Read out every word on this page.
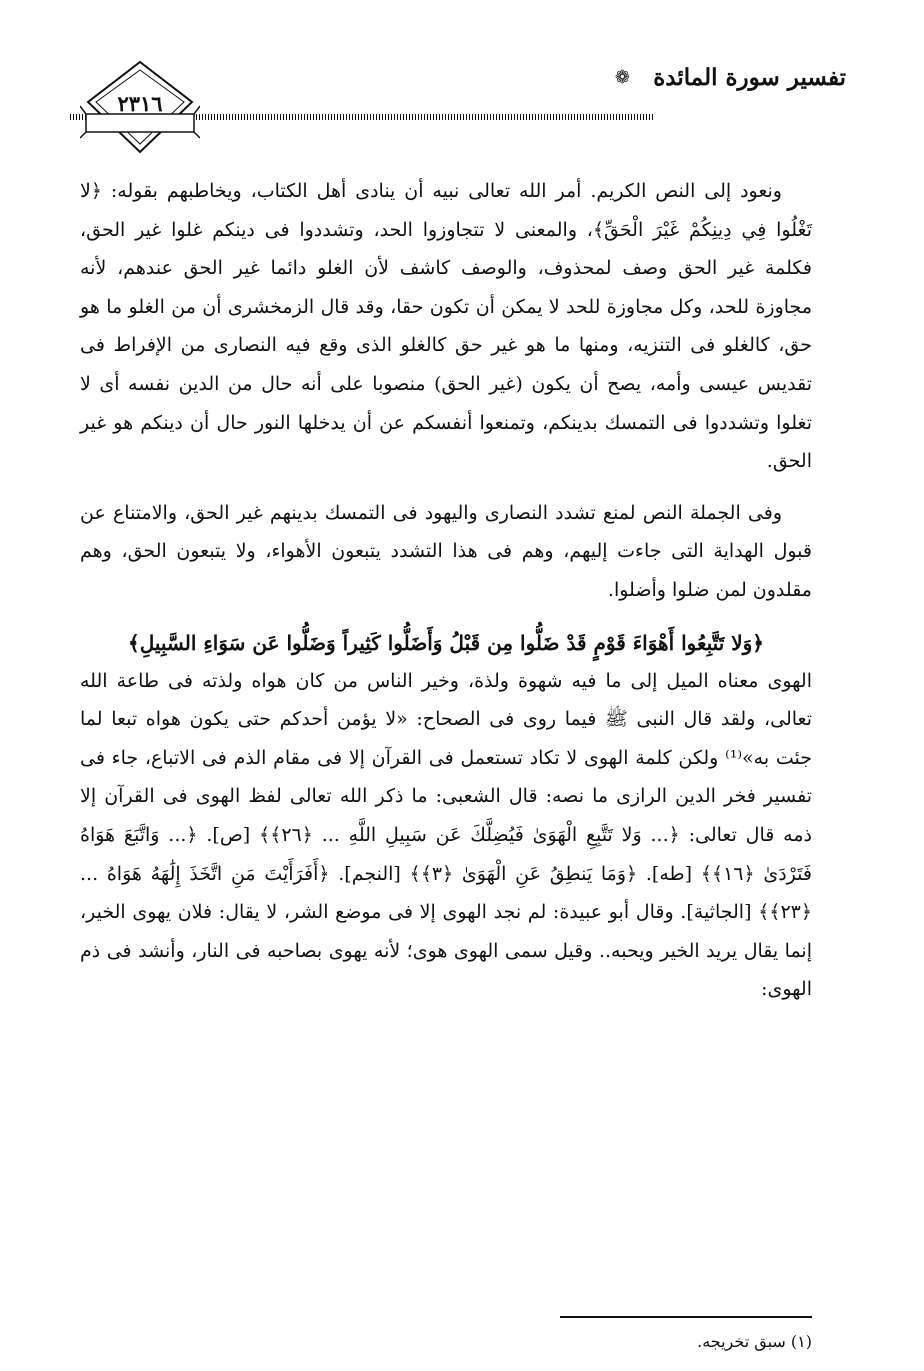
تفسير سورة المائدة
❁
٢٣١٦

ونعود إلى النص الكريم. أمر الله تعالى نبيه أن ينادى أهل الكتاب، ويخاطبهم بقوله: ﴿لا تَغْلُوا فِي دِينِكُمْ غَيْرَ الْحَقِّ﴾، والمعنى لا تتجاوزوا الحد، وتشددوا فى دينكم غلوا غير الحق، فكلمة غير الحق وصف لمحذوف، والوصف كاشف لأن الغلو دائما غير الحق عندهم، لأنه مجاوزة للحد، وكل مجاوزة للحد لا يمكن أن تكون حقا، وقد قال الزمخشرى أن من الغلو ما هو حق، كالغلو فى التنزيه، ومنها ما هو غير حق كالغلو الذى وقع فيه النصارى من الإفراط فى تقديس عيسى وأمه، يصح أن يكون (غير الحق) منصوبا على أنه حال من الدين نفسه أى لا تغلوا وتشددوا فى التمسك بدينكم، وتمنعوا أنفسكم عن أن يدخلها النور حال أن دينكم هو غير الحق.

وفى الجملة النص لمنع تشدد النصارى واليهود فى التمسك بدينهم غير الحق، والامتناع عن قبول الهداية التى جاءت إليهم، وهم فى هذا التشدد يتبعون الأهواء، ولا يتبعون الحق، وهم مقلدون لمن ضلوا وأضلوا.

﴿وَلا تَتَّبِعُوا أَهْوَاءَ قَوْمٍ قَدْ ضَلُّوا مِن قَبْلُ وَأَضَلُّوا كَثِيراً وَضَلُّوا عَن سَوَاءِ السَّبِيلِ﴾

الهوى معناه الميل إلى ما فيه شهوة ولذة، وخير الناس من كان هواه ولذته فى طاعة الله تعالى، ولقد قال النبى ﷺ فيما روى فى الصحاح: «لا يؤمن أحدكم حتى يكون هواه تبعا لما جئت به»⁽¹⁾ ولكن كلمة الهوى لا تكاد تستعمل فى القرآن إلا فى مقام الذم فى الاتباع، جاء فى تفسير فخر الدين الرازى ما نصه: قال الشعبى: ما ذكر الله تعالى لفظ الهوى فى القرآن إلا ذمه قال تعالى: ﴿... وَلا تَتَّبِعِ الْهَوَىٰ فَيُضِلَّكَ عَن سَبِيلِ اللَّهِ ... ﴿٢٦﴾﴾ [ص]. ﴿... وَاتَّبَعَ هَوَاهُ فَتَرْدَىٰ ﴿١٦﴾﴾ [طه]. ﴿وَمَا يَنطِقُ عَنِ الْهَوَىٰ ﴿٣﴾﴾ [النجم]. ﴿أَفَرَأَيْتَ مَنِ اتَّخَذَ إِلَٰهَهُ هَوَاهُ ... ﴿٢٣﴾﴾ [الجاثية]. وقال أبو عبيدة: لم نجد الهوى إلا فى موضع الشر، لا يقال: فلان يهوى الخير، إنما يقال يريد الخير ويحبه.. وقيل سمى الهوى هوى؛ لأنه يهوى بصاحبه فى النار، وأنشد فى ذم الهوى:

(١) سبق تخريجه.
